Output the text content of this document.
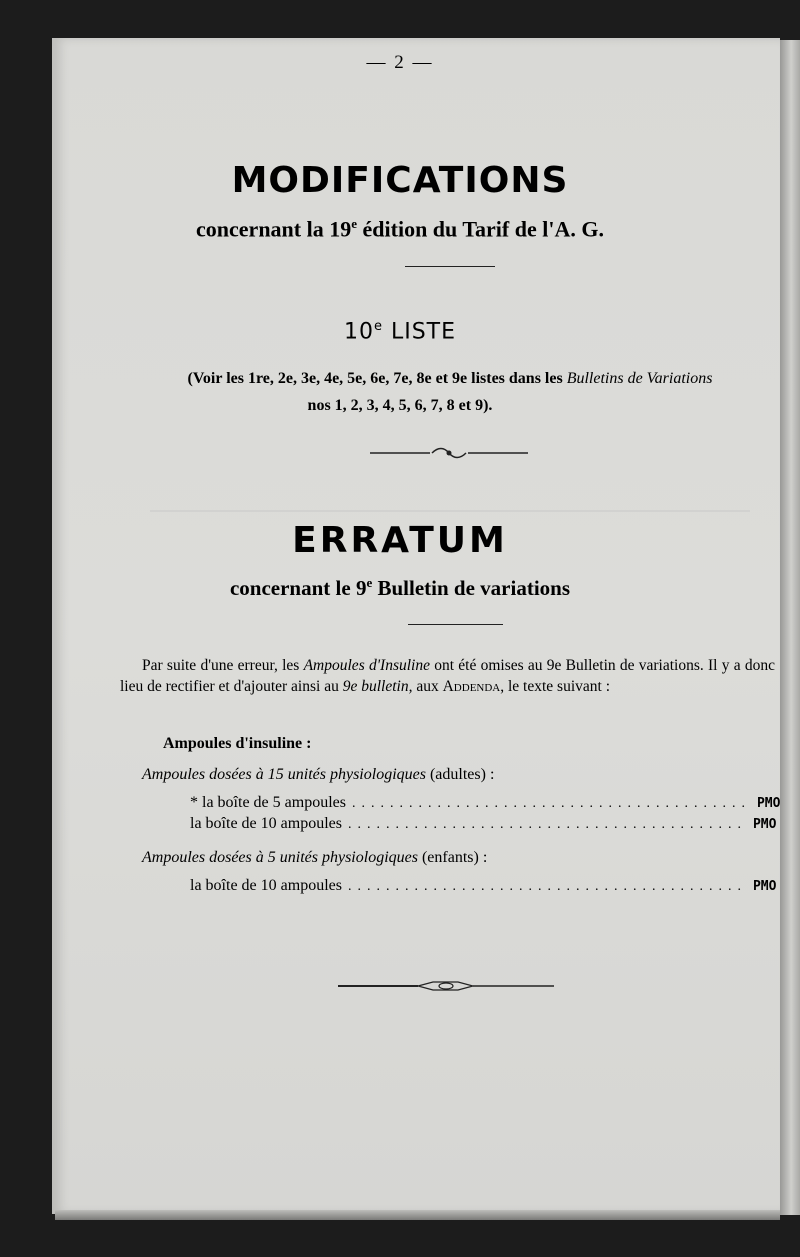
— 2 —
MODIFICATIONS
concernant la 19e édition du Tarif de l'A. G.
10e LISTE
(Voir les 1re, 2e, 3e, 4e, 5e, 6e, 7e, 8e et 9e listes dans les Bulletins de Variations
nos 1, 2, 3, 4, 5, 6, 7, 8 et 9).
ERRATUM
concernant le 9e Bulletin de variations
Par suite d'une erreur, les Ampoules d'Insuline ont été omises au 9e Bulletin de variations. Il y a donc lieu de rectifier et d'ajouter ainsi au 9e bulletin, aux Addenda, le texte suivant :
Ampoules d'insuline :
Ampoules dosées à 15 unités physiologiques (adultes) :
* la boîte de 5 ampoules .......................................... PMO
la boîte de 10 ampoules .......................................... PMO
Ampoules dosées à 5 unités physiologiques (enfants) :
la boîte de 10 ampoules .......................................... PMO
